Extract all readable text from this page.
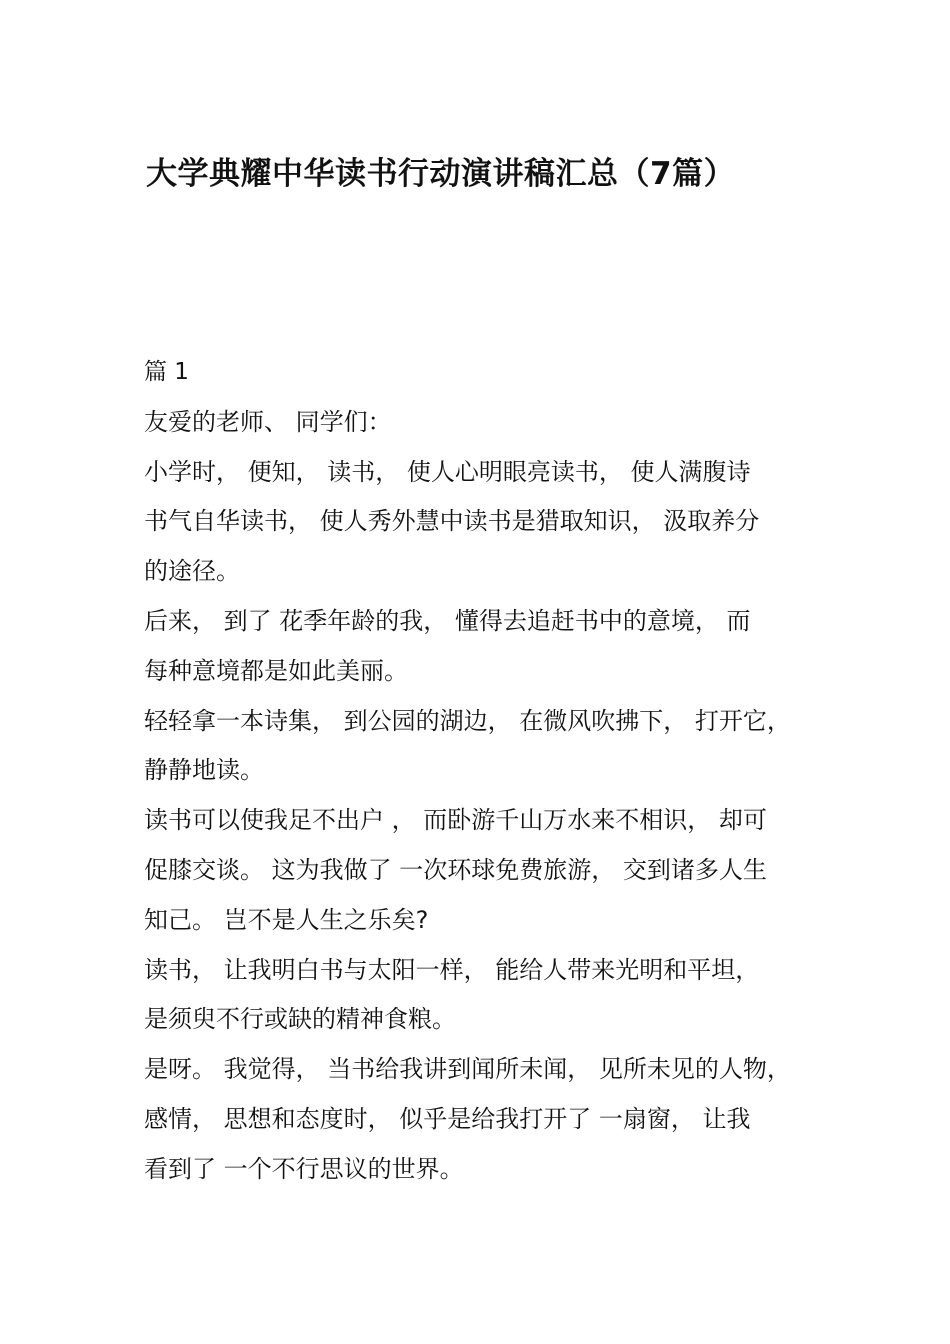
大学典耀中华读书行动演讲稿汇总（7篇）
篇 1
友爱的老师、 同学们：
小学时， 便知， 读书， 使人心明眼亮读书， 使人满腹诗
书气自华读书， 使人秀外慧中读书是猎取知识， 汲取养分
的途径。
后来， 到了 花季年龄的我， 懂得去追赶书中的意境， 而
每种意境都是如此美丽。
轻轻拿一本诗集， 到公园的湖边， 在微风吹拂下， 打开它，
静静地读。
读书可以使我足不出户 ， 而卧游千山万水来不相识， 却可
促膝交谈。 这为我做了 一次环球免费旅游， 交到诸多人生
知己。 岂不是人生之乐矣?
读书， 让我明白书与太阳一样， 能给人带来光明和平坦，
是须臾不行或缺的精神食粮。
是呀。 我觉得， 当书给我讲到闻所未闻， 见所未见的人物，
感情， 思想和态度时， 似乎是给我打开了 一扇窗， 让我
看到了 一个不行思议的世界。
